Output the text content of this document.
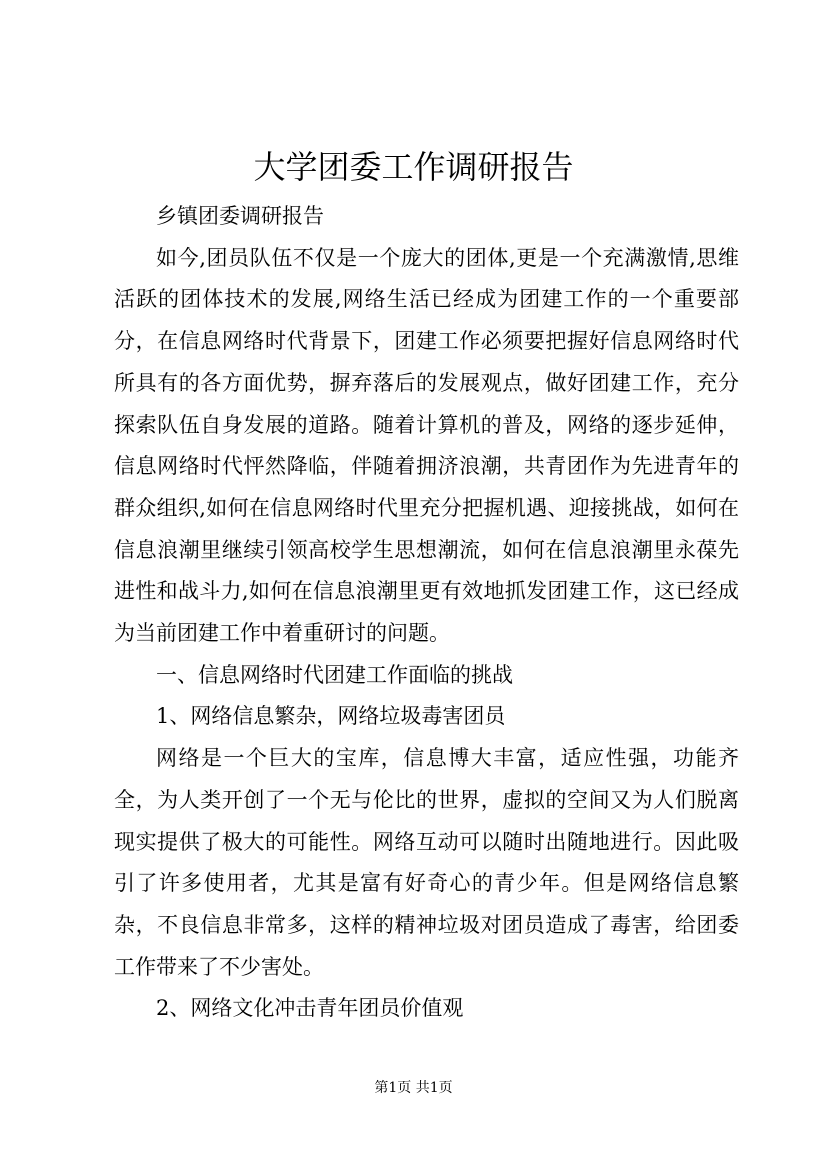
大学团委工作调研报告

乡镇团委调研报告

如今,团员队伍不仅是一个庞大的团体,更是一个充满激情,思维活跃的团体技术的发展,网络生活已经成为团建工作的一个重要部分，在信息网络时代背景下，团建工作必须要把握好信息网络时代所具有的各方面优势，摒弃落后的发展观点，做好团建工作，充分探索队伍自身发展的道路。随着计算机的普及，网络的逐步延伸，信息网络时代怦然降临，伴随着拥济浪潮，共青团作为先进青年的群众组织,如何在信息网络时代里充分把握机遇、迎接挑战，如何在信息浪潮里继续引领高校学生思想潮流，如何在信息浪潮里永葆先进性和战斗力,如何在信息浪潮里更有效地抓发团建工作，这已经成为当前团建工作中着重研讨的问题。

一、信息网络时代团建工作面临的挑战

1、网络信息繁杂，网络垃圾毒害团员

网络是一个巨大的宝库，信息博大丰富，适应性强，功能齐全，为人类开创了一个无与伦比的世界，虚拟的空间又为人们脱离现实提供了极大的可能性。网络互动可以随时出随地进行。因此吸引了许多使用者，尤其是富有好奇心的青少年。但是网络信息繁杂，不良信息非常多，这样的精神垃圾对团员造成了毒害，给团委工作带来了不少害处。

2、网络文化冲击青年团员价值观

第1页 共1页
